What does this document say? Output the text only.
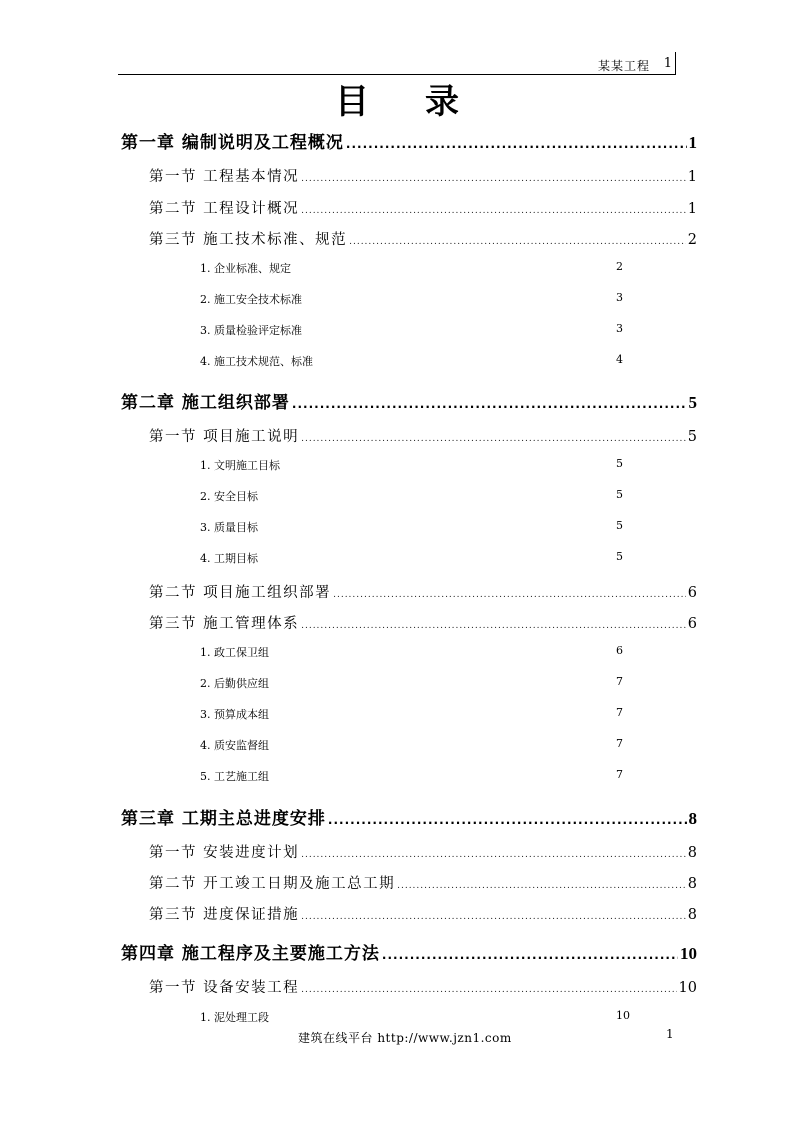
某某工程 1
目录
第一章 编制说明及工程概况 .....	1
第一节 工程基本情况 .....	1
第二节 工程设计概况 .....	1
第三节 施工技术标准、规范 .....	2
1. 企业标准、规定	2
2. 施工安全技术标准	3
3. 质量检验评定标准	3
4. 施工技术规范、标准	4
第二章 施工组织部署 .....	5
第一节 项目施工说明 .....	5
1. 文明施工目标	5
2. 安全目标	5
3. 质量目标	5
4. 工期目标	5
第二节 项目施工组织部署 .....	6
第三节 施工管理体系 .....	6
1. 政工保卫组	6
2. 后勤供应组	7
3. 预算成本组	7
4. 质安监督组	7
5. 工艺施工组	7
第三章 工期主总进度安排 .....	8
第一节 安装进度计划 .....	8
第二节 开工竣工日期及施工总工期 .....	8
第三节 进度保证措施 .....	8
第四章 施工程序及主要施工方法 .....	10
第一节 设备安装工程 .....	10
1. 泥处理工段	10
建筑在线平台 http://www.jzn1.com	1
